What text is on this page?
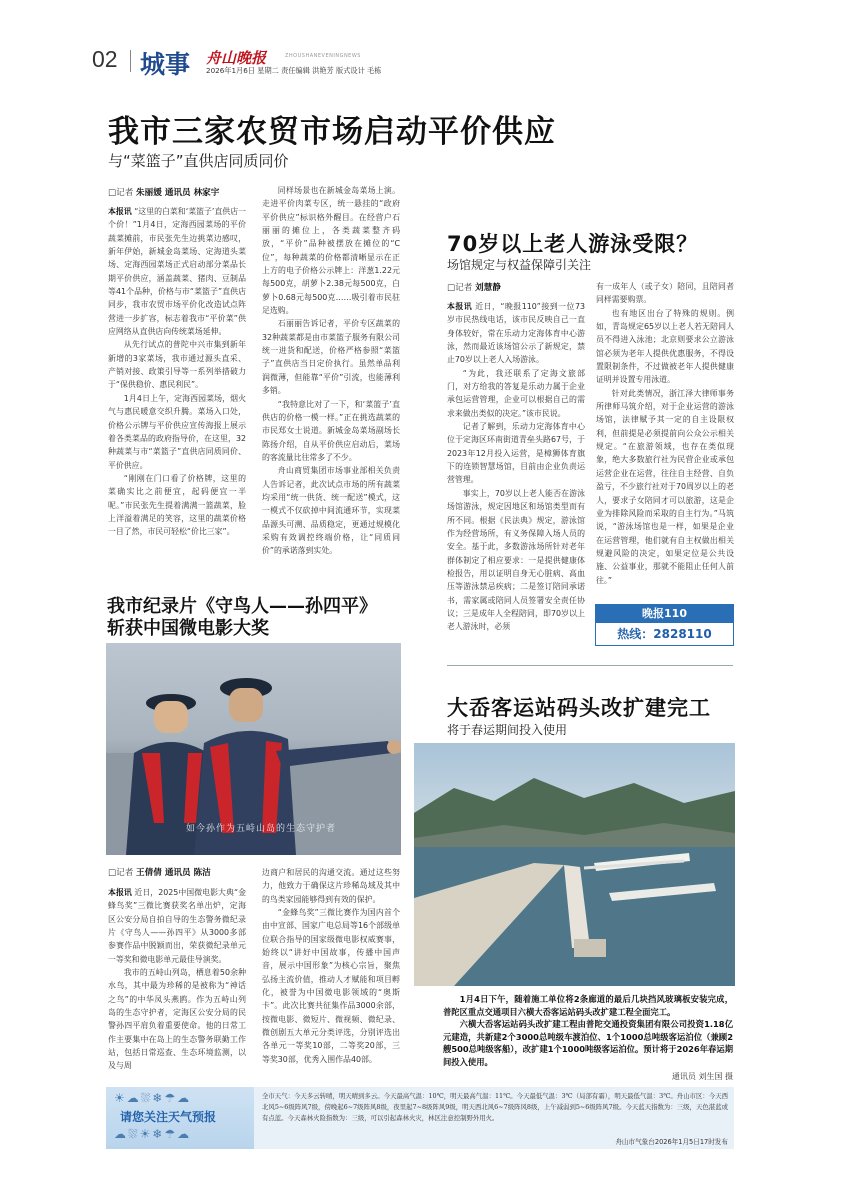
02 城事 舟山晚报	ZHOUSHANEVENINGNEWS
2026年1月6日 星期二 责任编辑 洪艳芳 版式设计 毛栋
我市三家农贸市场启动平价供应
与“菜篮子”直供店同质同价
□记者 朱丽媛 通讯员 林家宇

本报讯 “这里的白菜和‘菜篮子’直供店一个价！”1月4日，定海西园菜场的平价蔬菜摊前，市民张先生边挑菜边感叹，新年伊始，新城金岛菜场、定海道头菜场、定海西园菜场正式启动部分菜品长期平价供应，涵盖蔬菜、猪肉、豆制品等41个品种，价格与市“菜篮子”直供店同步，我市农贸市场平价化改造试点阵营进一步扩容，标志着我市“平价菜”供应网络从直供店向传统菜场延伸。

从先行试点的普陀中兴市集到新年新增的3家菜场，我市通过源头直采、产销对接、政策引导等一系列举措破力于“保供稳价、惠民利民”。

1月4日上午，定海西园菜场，烟火气与惠民暖意交织升腾。菜场入口处，价格公示牌与平价供应宣传海报上展示着各类菜品的政府指导价，在这里，32种蔬菜与市“菜篮子”直供店同质同价、平价供应。

“刚刚在门口看了价格牌，这里的菜确实比之前便宜，起码便宜一半呢。”市民张先生提着满满一篮蔬菜，脸上洋溢着满足的笑容，这里的蔬菜价格一目了然，市民可轻松“价比三家”。

同样场景也在新城金岛菜场上演。走进平价肉菜专区，统一悬挂的“政府平价供应”标识格外醒目。在经营户石丽丽的摊位上，各类蔬菜整齐码放，“平价”品种被摆放在摊位的“C位”，每种蔬菜的价格都清晰显示在正上方的电子价格公示牌上：洋葱1.22元每500克，胡萝卜2.38元每500克，白萝卜0.68元每500克……吸引着市民驻足选购。

石丽丽告诉记者，平价专区蔬菜的32种蔬菜都是由市菜篮子服务有限公司统一进货和配送，价格严格参照“菜篮子”直供店当日定价执行。虽然单品利润微薄，但能靠“平价”引流，也能薄利多销。

“我特意比对了一下，和‘菜篮子’直供店的价格一模一样。”正在挑选蔬菜的市民郑女士说道。新城金岛菜场副场长陈扬介绍，自从平价供应启动后，菜场的客流量比往常多了不少。

舟山商贸集团市场事业部相关负责人告诉记者，此次试点市场的所有蔬菜均采用“统一供货、统一配送”模式，这一模式不仅砍掉中间流通环节，实现菜品源头可溯、品质稳定，更通过规模化采购有效调控终端价格，让“同质同价”的承诺落到实处。

70岁以上老人游泳受限？
场馆规定与权益保障引关注
□记者 刘慧静

本报讯 近日，“晚报110”接到一位73岁市民热线电话，该市民反映自己一直身体较好，常在乐动力定海体育中心游泳，然而最近该场馆公示了新规定，禁止70岁以上老人入场游泳。

“为此，我还联系了定海文旅部门，对方给我的答复是乐动力属于企业承包运营管理，企业可以根据自己的需求来做出类似的决定。”该市民说。

记者了解到，乐动力定海体育中心位于定海区环南街道青垒头路67号，于2023年12月投入运营，是樟狮体育旗下的连锁智慧场馆，目前由企业负责运营管理。

事实上，70岁以上老人能否在游泳场馆游泳，规定因地区和场馆类型而有所不同。根据《民法典》规定，游泳馆作为经营场所，有义务保障入场人员的安全。基于此，多数游泳场所针对老年群体制定了相应要求：一是提供健康体检报告，用以证明自身无心脏病、高血压等游泳禁忌疾病；二是签订陪同承诺书，需家属或陪同人员签署安全责任协议；三是成年人全程陪同，即70岁以上老人游泳时，必须

有一成年人（或子女）陪同，且陪同者同样需要购票。

也有地区出台了特殊的规则。例如，青岛规定65岁以上老人若无陪同人员不得进入泳池；北京则要求公立游泳馆必须为老年人提供优惠服务，不得设置限制条件，不过做被老年人提供健康证明并设置专用泳道。

针对此类情况，浙江泽大律师事务所律师马筑介绍，对于企业运营的游泳场馆，法律赋予其一定的自主设限权利，但前提是必须提前向公众公示相关规定。“在旅游领域，也存在类似现象，绝大多数旅行社为民营企业或承包运营企业在运营，往往自主经营、自负盈亏，不少旅行社对于70周岁以上的老人，要求子女陪同才可以旅游，这是企业为排除风险而采取的自主行为。”马筑说，“游泳场馆也是一样，如果是企业在运营管理，他们就有自主权做出相关规避风险的决定，如果定位是公共设施、公益事业，那就不能阻止任何人前往。”

晚报110
热线：2828110
我市纪录片《守鸟人——孙四平》
斩获中国微电影大奖
如今孙作为五峙山岛的生态守护者
□记者 王倩倩 通讯员 陈洁

本报讯 近日，2025中国微电影大典“金蜂鸟奖”三微比赛获奖名单出炉，定海区公安分局自拍自导的生态警务微纪录片《守鸟人——孙四平》从3000多部参赛作品中脱颖而出，荣获微纪录单元一等奖和微电影单元最佳导演奖。

我市的五峙山列岛，栖息着50余种水鸟，其中最为珍稀的是被称为“神话之鸟”的中华凤头燕鸥。作为五峙山列岛的生态守护者，定海区公安分局的民警孙四平肩负着重要使命。他的日常工作主要集中在岛上的生态警务联勤工作站，包括日常巡查、生态环境监测，以及与周

边商户和居民的沟通交流。通过这些努力，他致力于确保这片珍稀岛域及其中的鸟类家园能够得到有效的保护。

“金蜂鸟奖”三微比赛作为国内首个由中宣部、国家广电总局等16个部级单位联合指导的国家级微电影权威赛事，始终以“讲好中国故事，传播中国声音，展示中国形象”为核心宗旨，聚焦弘扬主流价值，推动人才赋能和项目孵化，被誉为中国微电影领域的“奥斯卡”。此次比赛共征集作品3000余部，按微电影、微短片、微视频、微纪录、微创剧五大单元分类评选，分别评选出各单元一等奖10部，二等奖20部，三等奖30部，优秀入围作品40部。

大岙客运站码头改扩建完工
将于春运期间投入使用

1月4日下午，随着施工单位将2条廊道的最后几块挡风玻璃板安装完成，普陀区重点交通项目六横大岙客运站码头改扩建工程全面完工。

六横大岙客运站码头改扩建工程由普陀交通投资集团有限公司投资1.18亿元建造，共新建2个3000总吨级车渡泊位、1个1000总吨级客运泊位（兼顾2艘500总吨级客船），改扩建1个1000吨级客运泊位。预计将于2026年春运期间投入使用。

通讯员 刘生国 摄
☀☁⛆❄☂☁
☁⛆☀❄☂☁
请您关注天气预报
全市天气：今天多云转晴，明天晴到多云。今天最高气温：10℃，明天最高气温：11℃。今天最低气温：3℃（局部有霜），明天最低气温：3℃。舟山市区：今天西北风5~6级阵风7级，傍晚起6~7级阵风8级，夜里起7~8级阵风9级，明天西北风6~7级阵风8级，上午减弱到5~6级阵风7级。今天蓝天指数为：三级，天色湛蓝或有点蓝。今天森林火险指数为：三级，可以引起森林火灾，林区注意控制野外用火。
舟山市气象台2026年1月5日17时发布
